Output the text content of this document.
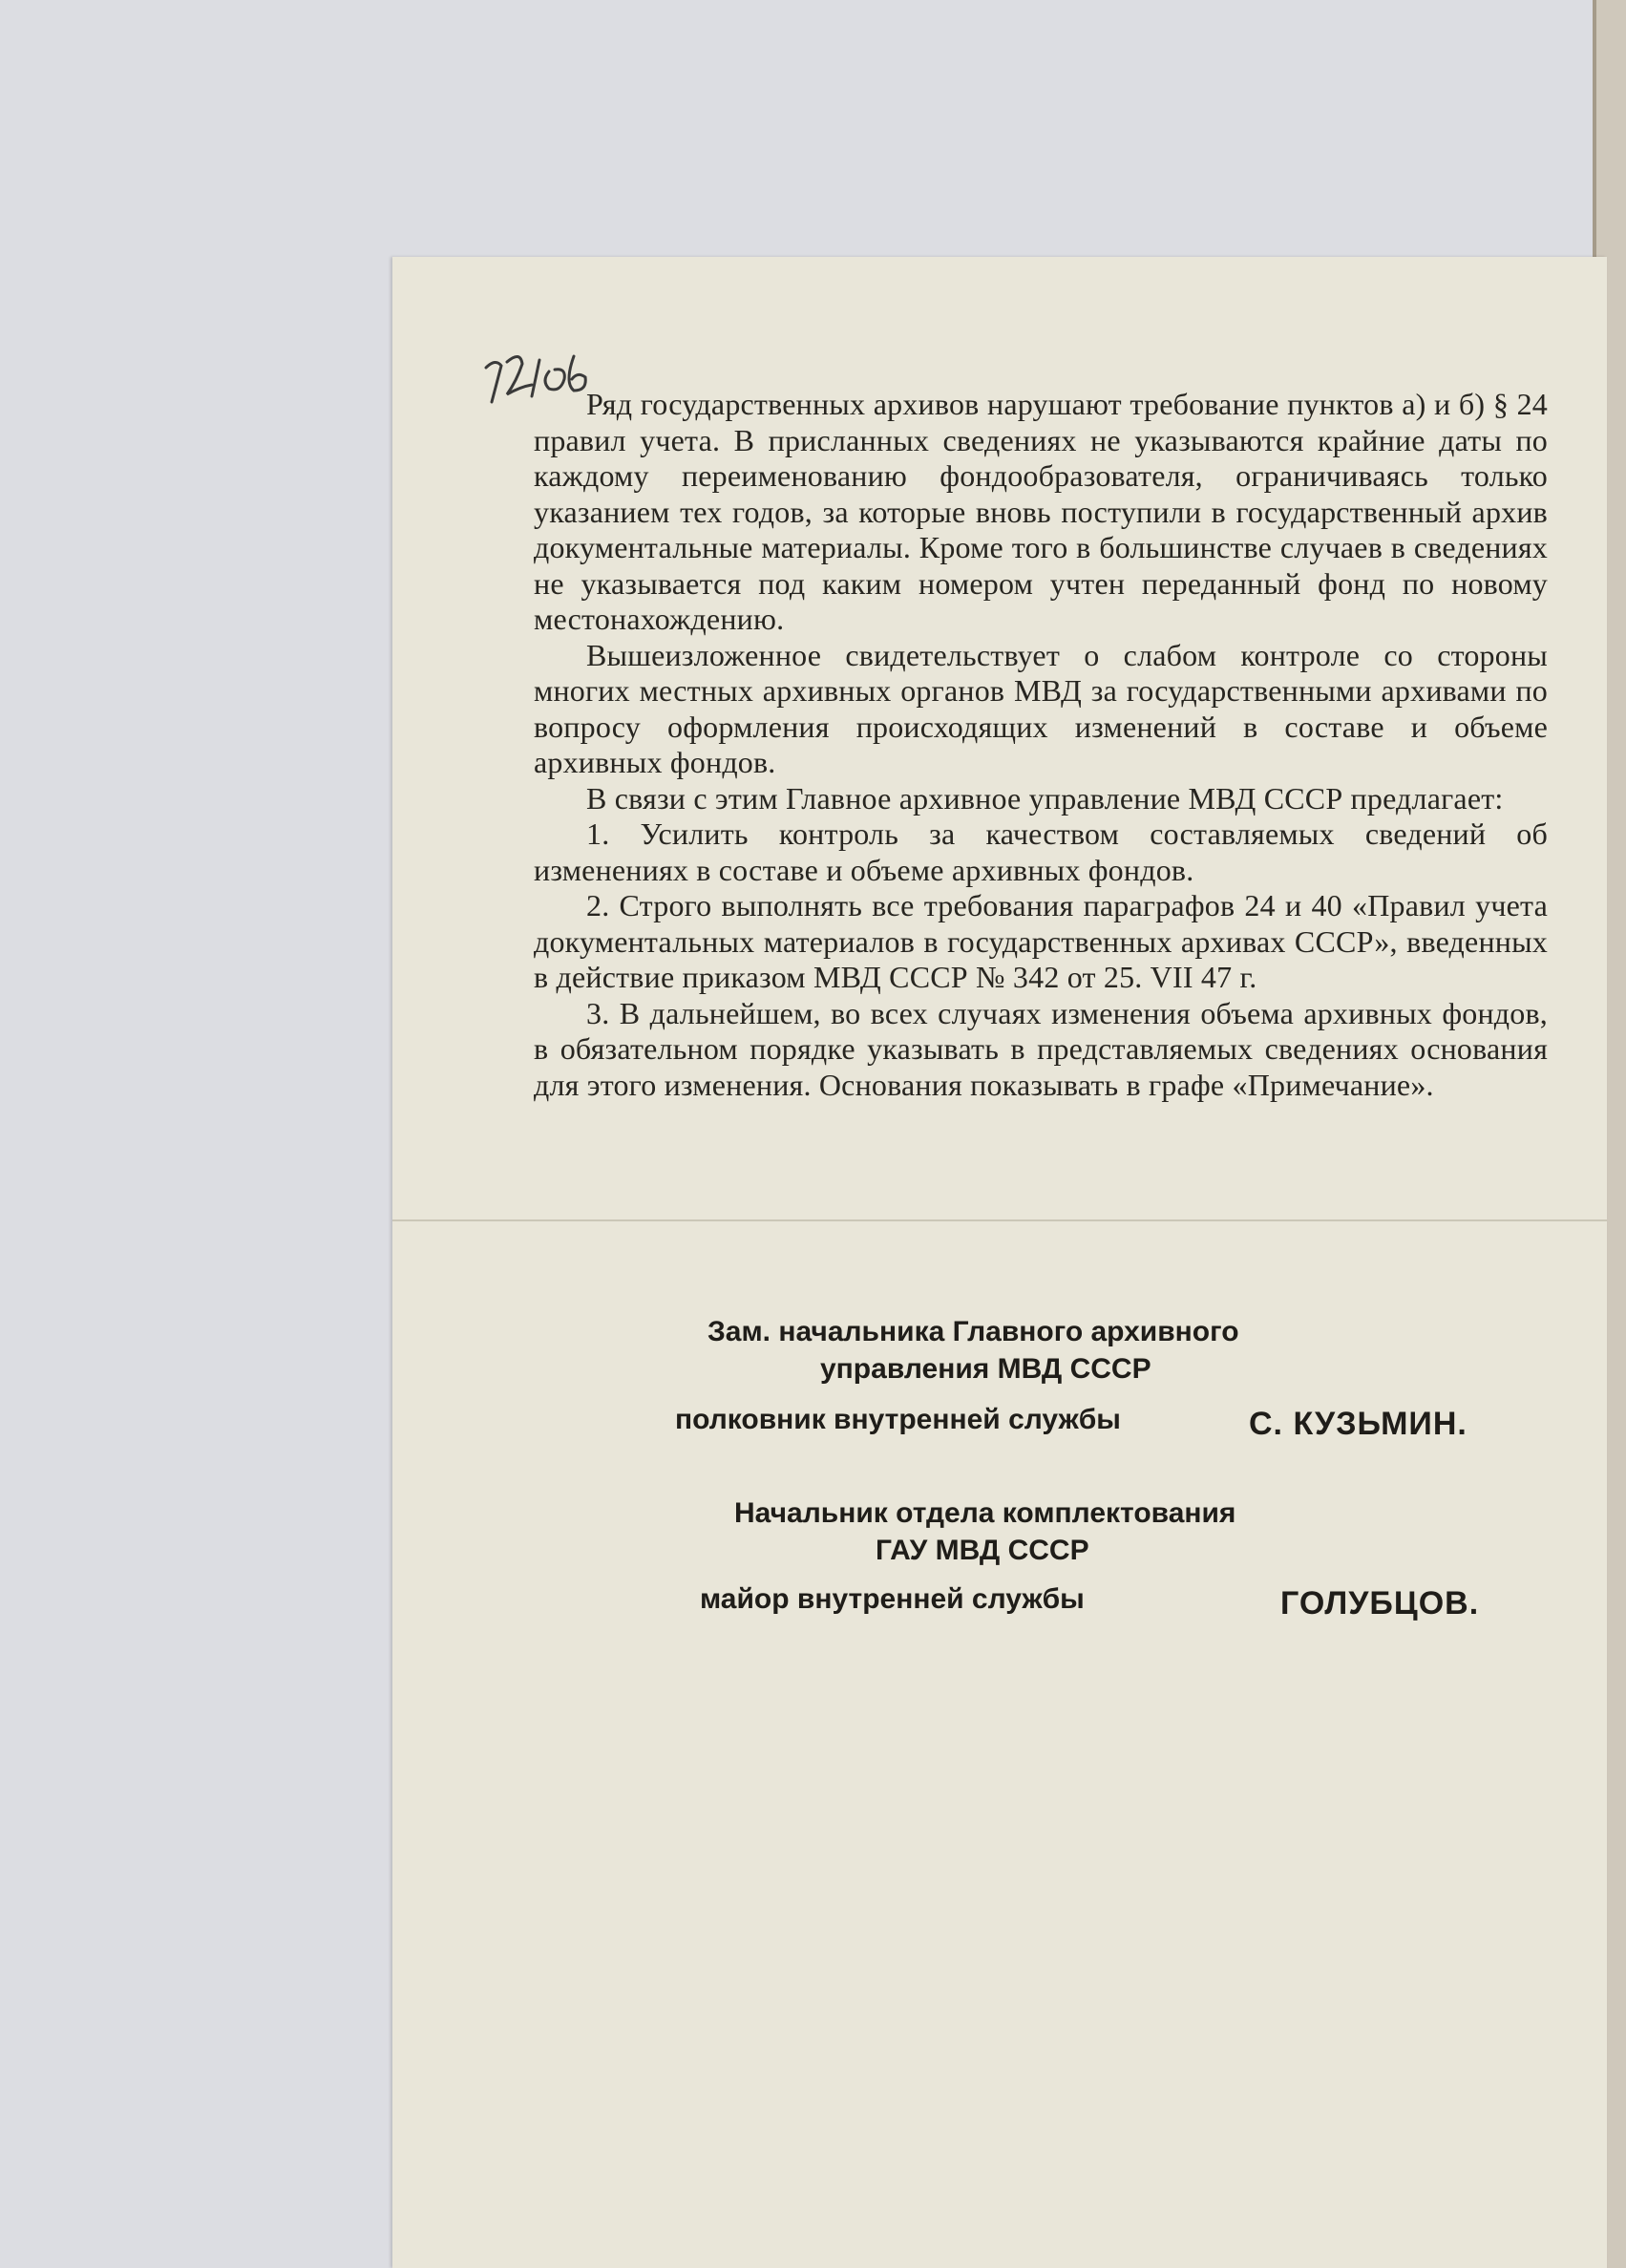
Ряд государственных архивов нарушают требование пунктов а) и б) § 24 правил учета. В присланных сведениях не указываются крайние даты по каждому переименованию фондообразователя, ограничиваясь только указанием тех годов, за которые вновь поступили в государственный архив документальные материалы. Кроме того в большинстве случаев в сведениях не указывается под каким номером учтен переданный фонд по новому местонахождению.

Вышеизложенное свидетельствует о слабом контроле со стороны многих местных архивных органов МВД за государственными архивами по вопросу оформления происходящих изменений в составе и объеме архивных фондов.

В связи с этим Главное архивное управление МВД СССР предлагает:

1. Усилить контроль за качеством составляемых сведений об изменениях в составе и объеме архивных фондов.

2. Строго выполнять все требования параграфов 24 и 40 «Правил учета документальных материалов в государственных архивах СССР», введенных в действие приказом МВД СССР № 342 от 25. VII 47 г.

3. В дальнейшем, во всех случаях изменения объема архивных фондов, в обязательном порядке указывать в представляемых сведениях основания для этого изменения. Основания показывать в графе «Примечание».

Зам. начальника Главного архивного
управления МВД СССР
полковник внутренней службы	С. КУЗЬМИН.
Начальник отдела комплектования
ГАУ МВД СССР
майор внутренней службы	ГОЛУБЦОВ.
